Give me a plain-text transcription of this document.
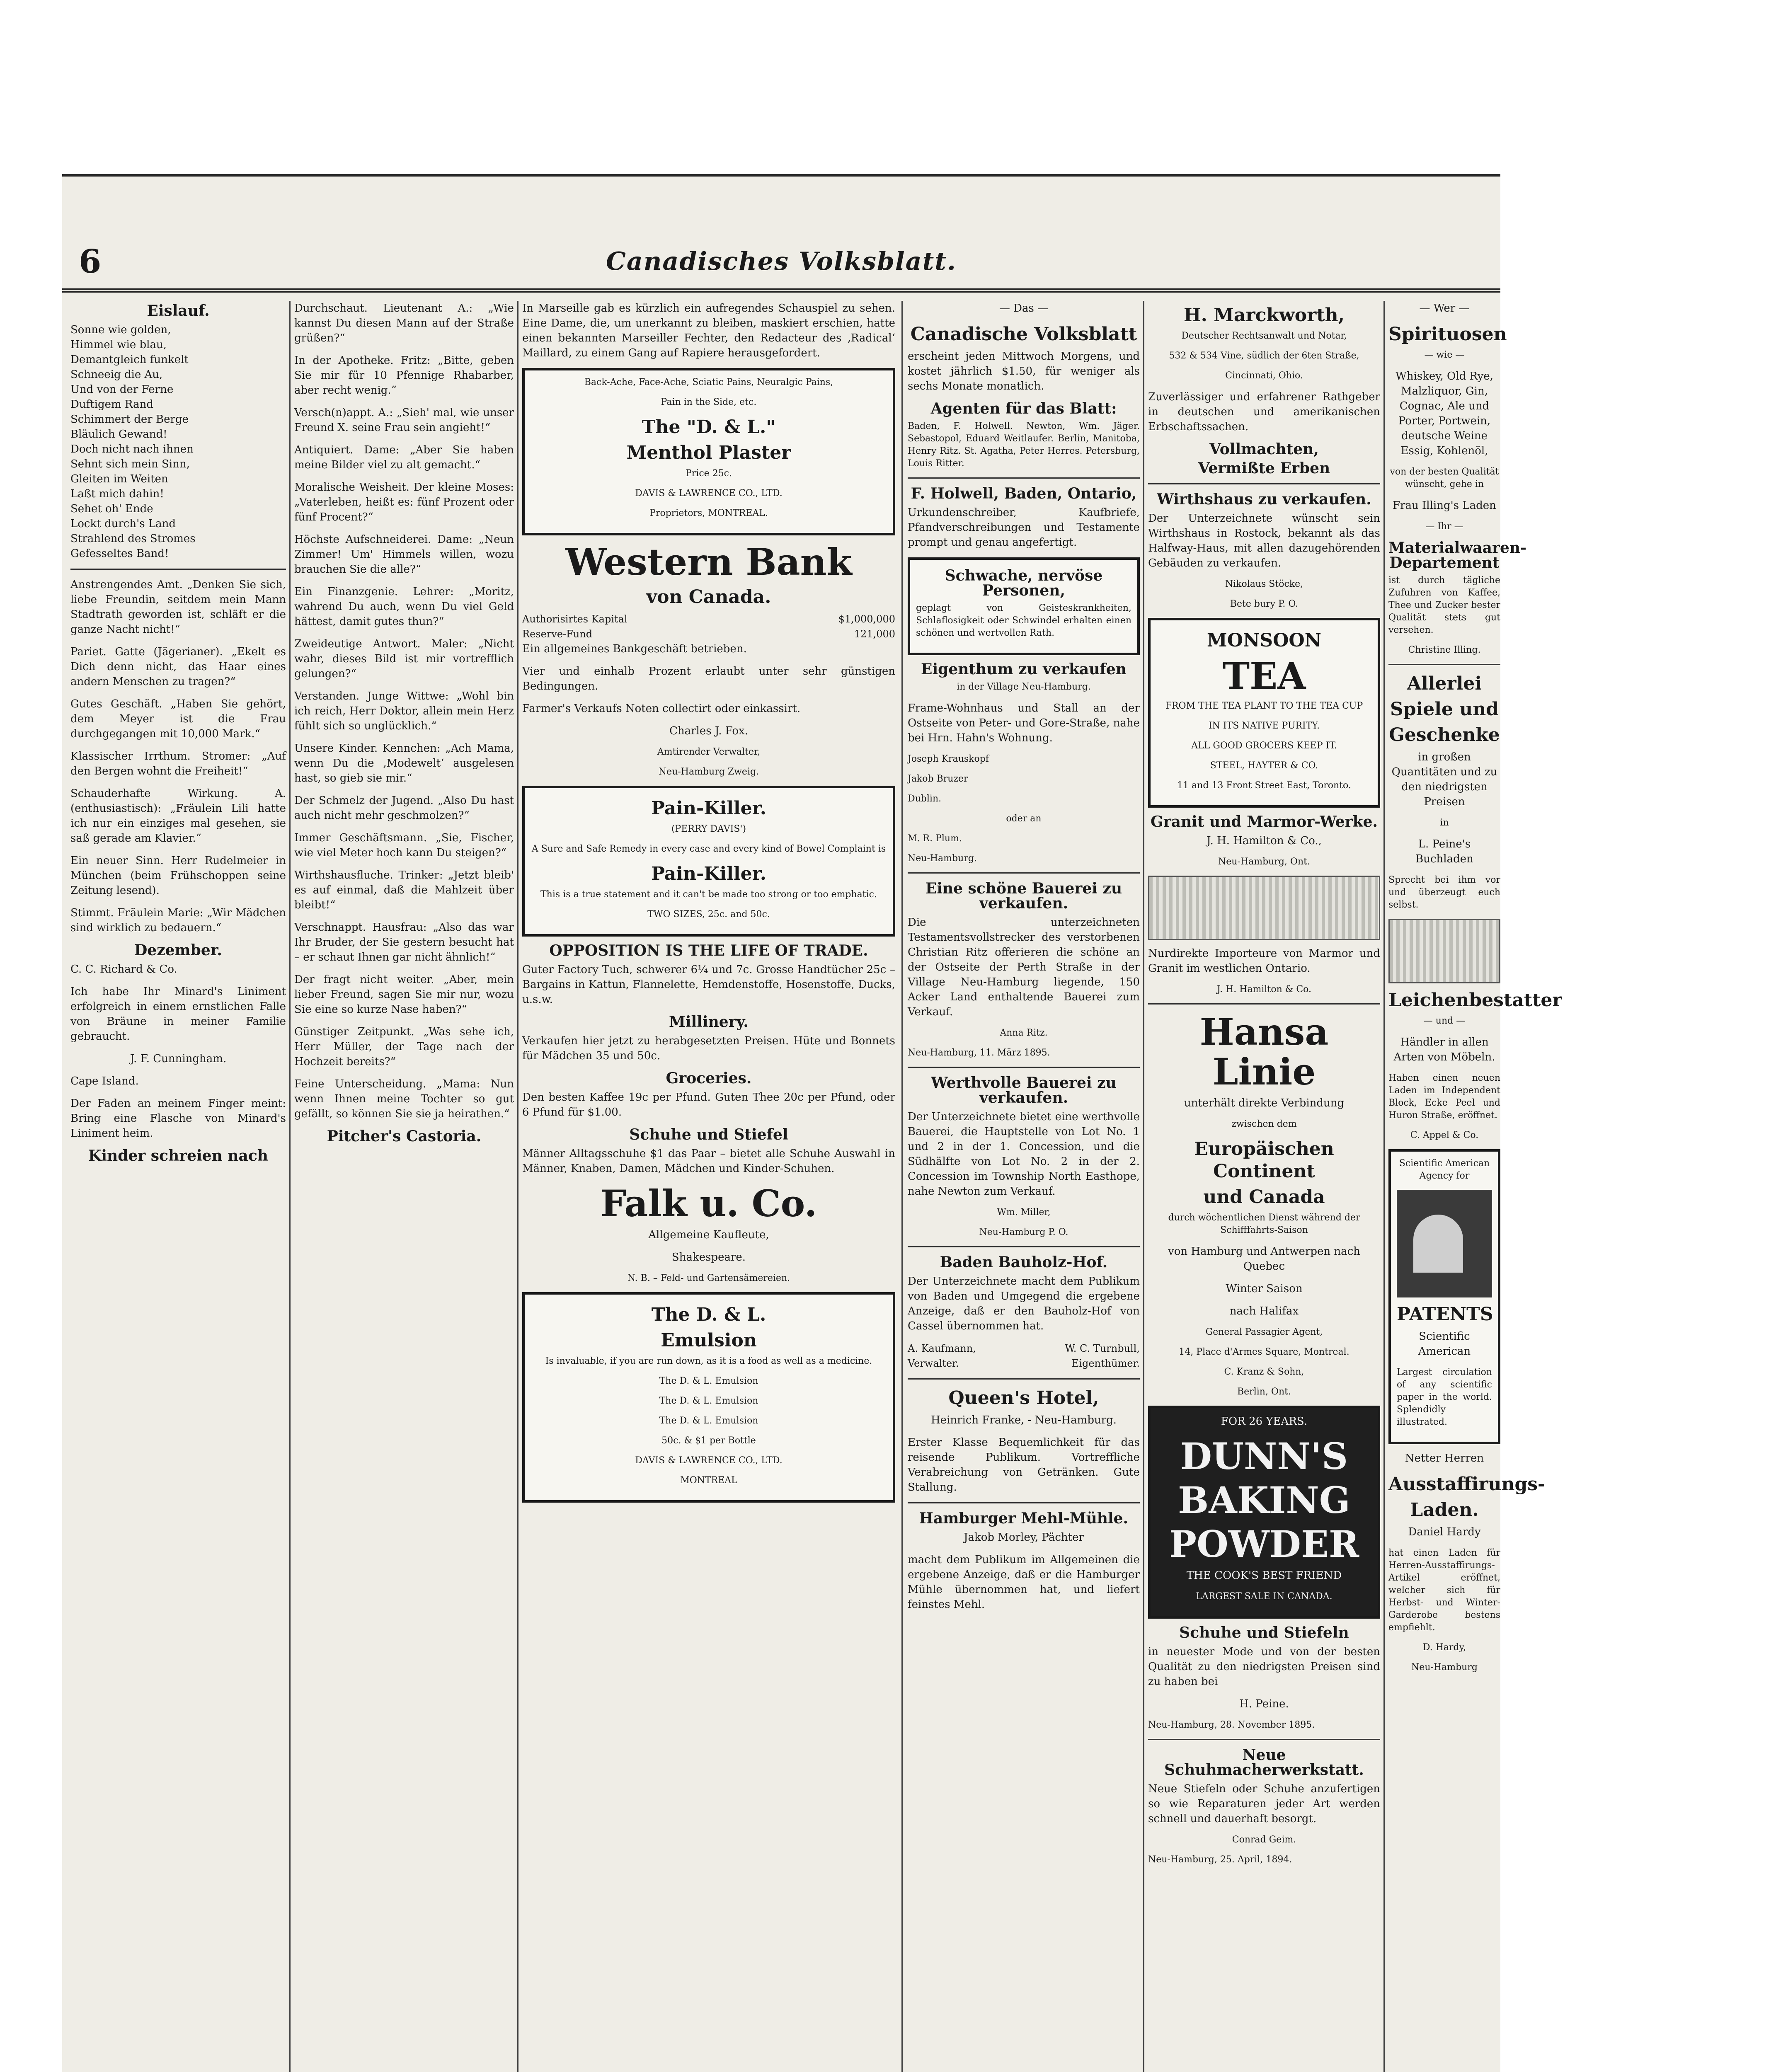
6	Canadisches Volksblatt.
Eislauf.

Sonne wie golden,

Himmel wie blau,

Demantgleich funkelt

Schneeig die Au,

Und von der Ferne

Duftigem Rand

Schimmert der Berge

Bläulich Gewand!

Doch nicht nach ihnen

Sehnt sich mein Sinn,

Gleiten im Weiten

Laßt mich dahin!

Sehet oh' Ende

Lockt durch's Land

Strahlend des Stromes

Gefesseltes Band!

Anstrengendes Amt. „Denken Sie sich, liebe Freundin, seitdem mein Mann Stadtrath geworden ist, schläft er die ganze Nacht nicht!“

Pariet. Gatte (Jägerianer). „Ekelt es Dich denn nicht, das Haar eines andern Menschen zu tragen?“

Gutes Geschäft. „Haben Sie gehört, dem Meyer ist die Frau durchgegangen mit 10,000 Mark.“

Klassischer Irrthum. Stromer: „Auf den Bergen wohnt die Freiheit!“

Schauderhafte Wirkung. A. (enthusiastisch): „Fräulein Lili hatte ich nur ein einziges mal gesehen, sie saß gerade am Klavier.“

Ein neuer Sinn. Herr Rudelmeier in München (beim Frühschoppen seine Zeitung lesend).

Stimmt. Fräulein Marie: „Wir Mädchen sind wirklich zu bedauern.“

Dezember.

C. C. Richard & Co.

Ich habe Ihr Minard's Liniment erfolgreich in einem ernstlichen Falle von Bräune in meiner Familie gebraucht.

J. F. Cunningham.

Cape Island.

Der Faden an meinem Finger meint: Bring eine Flasche von Minard's Liniment heim.

Kinder schreien nach

Durchschaut. Lieutenant A.: „Wie kannst Du diesen Mann auf der Straße grüßen?“

In der Apotheke. Fritz: „Bitte, geben Sie mir für 10 Pfennige Rhabarber, aber recht wenig.“

Versch(n)appt. A.: „Sieh' mal, wie unser Freund X. seine Frau sein angieht!“

Antiquiert. Dame: „Aber Sie haben meine Bilder viel zu alt gemacht.“

Moralische Weisheit. Der kleine Moses: „Vaterleben, heißt es: fünf Prozent oder fünf Procent?“

Höchste Aufschneiderei. Dame: „Neun Zimmer! Um' Himmels willen, wozu brauchen Sie die alle?“

Ein Finanzgenie. Lehrer: „Moritz, wahrend Du auch, wenn Du viel Geld hättest, damit gutes thun?“

Zweideutige Antwort. Maler: „Nicht wahr, dieses Bild ist mir vortrefflich gelungen?“

Verstanden. Junge Wittwe: „Wohl bin ich reich, Herr Doktor, allein mein Herz fühlt sich so unglücklich.“

Unsere Kinder. Kennchen: „Ach Mama, wenn Du die ‚Modewelt‘ ausgelesen hast, so gieb sie mir.“

Der Schmelz der Jugend. „Also Du hast auch nicht mehr geschmolzen?“

Immer Geschäftsmann. „Sie, Fischer, wie viel Meter hoch kann Du steigen?“

Wirthshausfluche. Trinker: „Jetzt bleib' es auf einmal, daß die Mahlzeit über bleibt!“

Verschnappt. Hausfrau: „Also das war Ihr Bruder, der Sie gestern besucht hat – er schaut Ihnen gar nicht ähnlich!“

Der fragt nicht weiter. „Aber, mein lieber Freund, sagen Sie mir nur, wozu Sie eine so kurze Nase haben?“

Günstiger Zeitpunkt. „Was sehe ich, Herr Müller, der Tage nach der Hochzeit bereits?“

Feine Unterscheidung. „Mama: Nun wenn Ihnen meine Tochter so gut gefällt, so können Sie sie ja heirathen.“

Pitcher's Castoria.

In Marseille gab es kürzlich ein aufregendes Schauspiel zu sehen. Eine Dame, die, um unerkannt zu bleiben, maskiert erschien, hatte einen bekannten Marseiller Fechter, den Redacteur des ‚Radical‘ Maillard, zu einem Gang auf Rapiere herausgefordert.

Back-Ache, Face-Ache, Sciatic Pains, Neuralgic Pains,

Pain in the Side, etc.

The "D. & L."
Menthol Plaster

Price 25c.

DAVIS & LAWRENCE CO., LTD.

Proprietors, MONTREAL.

Western Bank
von Canada.
Authorisirtes Kapital	$1,000,000
Reserve-Fund	121,000

Ein allgemeines Bankgeschäft betrieben.

Vier und einhalb Prozent erlaubt unter sehr günstigen Bedingungen.

Farmer's Verkaufs Noten collectirt oder einkassirt.

Charles J. Fox.

Amtirender Verwalter,

Neu-Hamburg Zweig.

Pain-Killer.

(PERRY DAVIS')

A Sure and Safe Remedy in every case and every kind of Bowel Complaint is

Pain-Killer.

This is a true statement and it can't be made too strong or too emphatic.

TWO SIZES, 25c. and 50c.

OPPOSITION IS THE LIFE OF TRADE.

Guter Factory Tuch, schwerer 6¼ und 7c. Grosse Handtücher 25c – Bargains in Kattun, Flannelette, Hemdenstoffe, Hosenstoffe, Ducks, u.s.w.

Millinery.

Verkaufen hier jetzt zu herabgesetzten Preisen. Hüte und Bonnets für Mädchen 35 und 50c.

Groceries.

Den besten Kaffee 19c per Pfund. Guten Thee 20c per Pfund, oder 6 Pfund für $1.00.

Schuhe und Stiefel

Männer Alltagsschuhe $1 das Paar – bietet alle Schuhe Auswahl in Männer, Knaben, Damen, Mädchen und Kinder-Schuhen.

Falk u. Co.

Allgemeine Kaufleute,

Shakespeare.

N. B. – Feld- und Gartensämereien.

The D. & L.
Emulsion

Is invaluable, if you are run down, as it is a food as well as a medicine.

The D. & L. Emulsion

The D. & L. Emulsion

The D. & L. Emulsion

50c. & $1 per Bottle

DAVIS & LAWRENCE CO., LTD.

MONTREAL

— Das —

Canadische Volksblatt

erscheint jeden Mittwoch Morgens, und kostet jährlich $1.50, für weniger als sechs Monate monatlich.

Agenten für das Blatt:

Baden, F. Holwell. Newton, Wm. Jäger. Sebastopol, Eduard Weitlaufer. Berlin, Manitoba, Henry Ritz. St. Agatha, Peter Herres. Petersburg, Louis Ritter.

F. Holwell, Baden, Ontario,

Urkundenschreiber, Kaufbriefe, Pfandverschreibungen und Testamente prompt und genau angefertigt.

Schwache, nervöse Personen,

geplagt von Geisteskrankheiten, Schlaflosigkeit oder Schwindel erhalten einen schönen und wertvollen Rath.

Eigenthum zu verkaufen

in der Village Neu-Hamburg.

Frame-Wohnhaus und Stall an der Ostseite von Peter- und Gore-Straße, nahe bei Hrn. Hahn's Wohnung.

Joseph Krauskopf

Jakob Bruzer

Dublin.

oder an

M. R. Plum.

Neu-Hamburg.

Eine schöne Bauerei zu verkaufen.

Die unterzeichneten Testamentsvollstrecker des verstorbenen Christian Ritz offerieren die schöne an der Ostseite der Perth Straße in der Village Neu-Hamburg liegende, 150 Acker Land enthaltende Bauerei zum Verkauf.

Anna Ritz.

Neu-Hamburg, 11. März 1895.

Werthvolle Bauerei zu verkaufen.

Der Unterzeichnete bietet eine werthvolle Bauerei, die Hauptstelle von Lot No. 1 und 2 in der 1. Concession, und die Südhälfte von Lot No. 2 in der 2. Concession im Township North Easthope, nahe Newton zum Verkauf.

Wm. Miller,

Neu-Hamburg P. O.

Baden Bauholz-Hof.

Der Unterzeichnete macht dem Publikum von Baden und Umgegend die ergebene Anzeige, daß er den Bauholz-Hof von Cassel übernommen hat.

A. Kaufmann,	W. C. Turnbull,
Verwalter.	Eigenthümer.
Queen's Hotel,

Heinrich Franke, - Neu-Hamburg.

Erster Klasse Bequemlichkeit für das reisende Publikum. Vortreffliche Verabreichung von Getränken. Gute Stallung.

Hamburger Mehl-Mühle.

Jakob Morley, Pächter

macht dem Publikum im Allgemeinen die ergebene Anzeige, daß er die Hamburger Mühle übernommen hat, und liefert feinstes Mehl.

H. Marckworth,

Deutscher Rechtsanwalt und Notar,

532 & 534 Vine, südlich der 6ten Straße,

Cincinnati, Ohio.

Zuverlässiger und erfahrener Rathgeber in deutschen und amerikanischen Erbschaftssachen.

Vollmachten,
Vermißte Erben
Wirthshaus zu verkaufen.

Der Unterzeichnete wünscht sein Wirthshaus in Rostock, bekannt als das Halfway-Haus, mit allen dazugehörenden Gebäuden zu verkaufen.

Nikolaus Stöcke,

Bete bury P. O.

MONSOON
TEA

FROM THE TEA PLANT TO THE TEA CUP

IN ITS NATIVE PURITY.

ALL GOOD GROCERS KEEP IT.

STEEL, HAYTER & CO.

11 and 13 Front Street East, Toronto.

Granit und Marmor-Werke.

J. H. Hamilton & Co.,

Neu-Hamburg, Ont.

Nurdirekte Importeure von Marmor und Granit im westlichen Ontario.

J. H. Hamilton & Co.

Hansa Linie

unterhält direkte Verbindung

zwischen dem

Europäischen Continent
und Canada

durch wöchentlichen Dienst während der Schifffahrts-Saison

von Hamburg und Antwerpen nach Quebec

Winter Saison

nach Halifax

General Passagier Agent,

14, Place d'Armes Square, Montreal.

C. Kranz & Sohn,

Berlin, Ont.

FOR 26 YEARS.

DUNN'S
BAKING
POWDER

THE COOK'S BEST FRIEND

LARGEST SALE IN CANADA.

Schuhe und Stiefeln

in neuester Mode und von der besten Qualität zu den niedrigsten Preisen sind zu haben bei

H. Peine.

Neu-Hamburg, 28. November 1895.

Neue Schuhmacherwerkstatt.

Neue Stiefeln oder Schuhe anzufertigen so wie Reparaturen jeder Art werden schnell und dauerhaft besorgt.

Conrad Geim.

Neu-Hamburg, 25. April, 1894.

— Wer —

Spirituosen

— wie —

Whiskey, Old Rye, Malzliquor, Gin, Cognac, Ale und Porter, Portwein, deutsche Weine Essig, Kohlenöl,

von der besten Qualität wünscht, gehe in

Frau Illing's Laden

— Ihr —

Materialwaaren-Departement

ist durch tägliche Zufuhren von Kaffee, Thee und Zucker bester Qualität stets gut versehen.

Christine Illing.

Allerlei
Spiele und
Geschenke

in großen Quantitäten und zu den niedrigsten Preisen

in

L. Peine's Buchladen

Sprecht bei ihm vor und überzeugt euch selbst.

Leichenbestatter

— und —

Händler in allen Arten von Möbeln.

Haben einen neuen Laden im Independent Block, Ecke Peel und Huron Straße, eröffnet.

C. Appel & Co.

Scientific American Agency for

PATENTS

Scientific American

Largest circulation of any scientific paper in the world. Splendidly illustrated.

Netter Herren

Ausstaffirungs-
Laden.

Daniel Hardy

hat einen Laden für Herren-Ausstaffirungs-Artikel eröffnet, welcher sich für Herbst- und Winter-Garderobe bestens empfiehlt.

D. Hardy,

Neu-Hamburg
